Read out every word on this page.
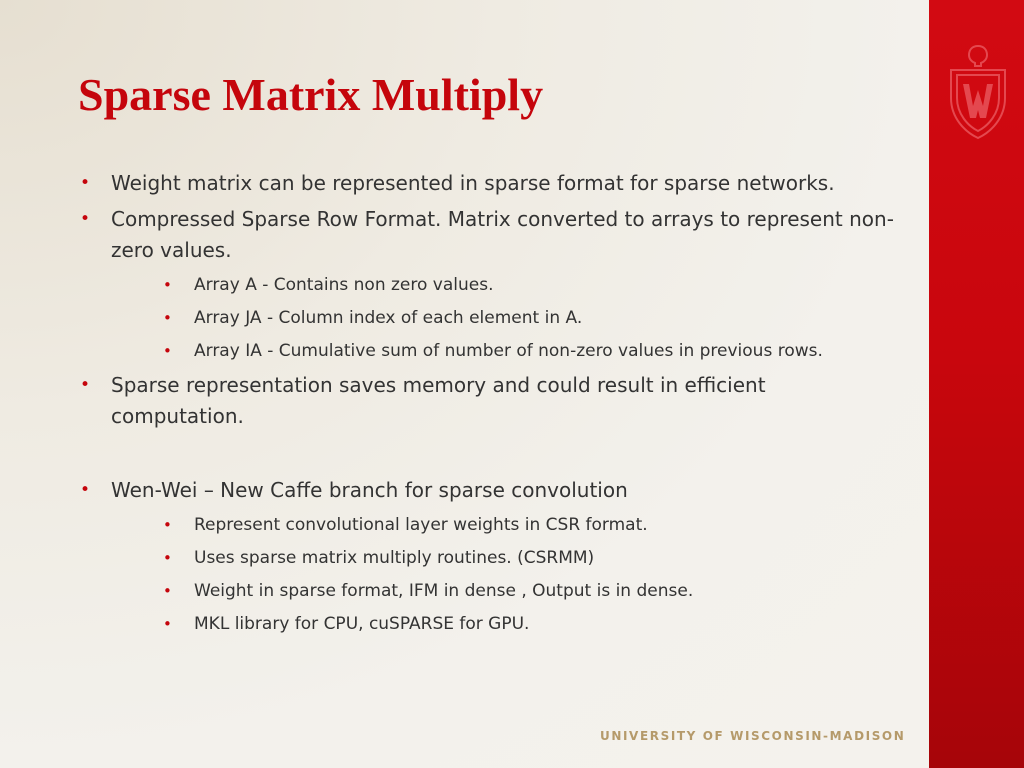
Sparse Matrix Multiply
• Weight matrix can be represented in sparse format for sparse networks.
• Compressed Sparse Row Format. Matrix converted to arrays to represent non-zero values.
• Array A - Contains non zero values.
• Array JA - Column index of each element in A.
• Array IA - Cumulative sum of number of non-zero values in previous rows.
• Sparse representation saves memory and could result in efficient computation.
• Wen-Wei – New Caffe branch for sparse convolution
• Represent convolutional layer weights in CSR format.
• Uses sparse matrix multiply routines. (CSRMM)
• Weight in sparse format, IFM in dense , Output is in dense.
• MKL library for CPU, cuSPARSE for GPU.
UNIVERSITY OF WISCONSIN-MADISON
